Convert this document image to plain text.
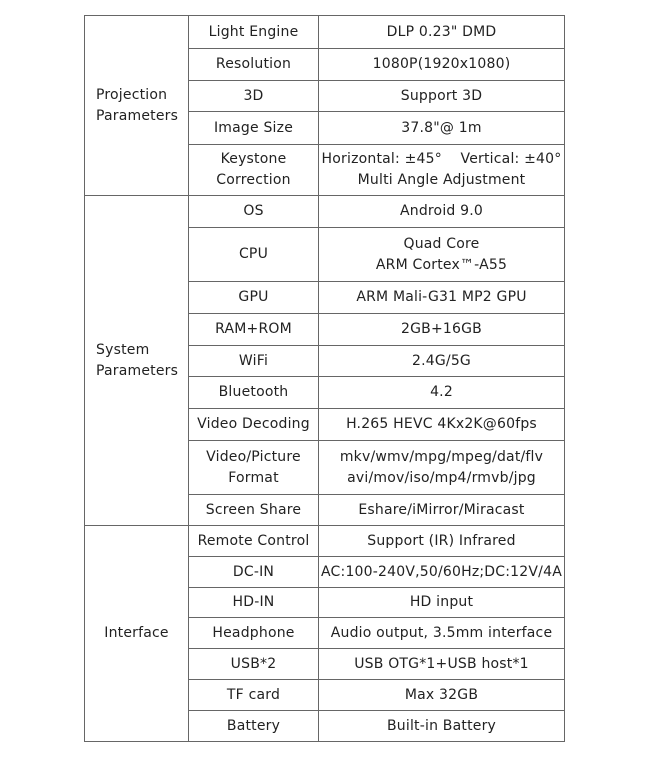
Projection
Parameters	Light Engine	DLP 0.23" DMD
	Resolution	1080P(1920x1080)
	3D	Support 3D
	Image Size	37.8"@ 1m

	Keystone
Correction	Horizontal: ±45°    Vertical: ±40°
Multi Angle Adjustment

System
Parameters	OS	Android 9.0
	CPU	Quad Core
ARM Cortex™-A55

	GPU	ARM Mali-G31 MP2 GPU
	RAM+ROM	2GB+16GB
	WiFi	2.4G/5G
	Bluetooth	4.2
	Video Decoding	H.265 HEVC 4Kx2K@60fps

	Video/Picture
Format	mkv/wmv/mpg/mpeg/dat/flv
avi/mov/iso/mp4/rmvb/jpg

	Screen Share	Eshare/iMirror/Miracast

Interface	Remote Control	Support (IR) Infrared
	DC-IN	AC:100-240V,50/60Hz;DC:12V/4A
	HD-IN	HD input
	Headphone	Audio output, 3.5mm interface
	USB*2	USB OTG*1+USB host*1
	TF card	Max 32GB
	Battery	Built-in Battery
